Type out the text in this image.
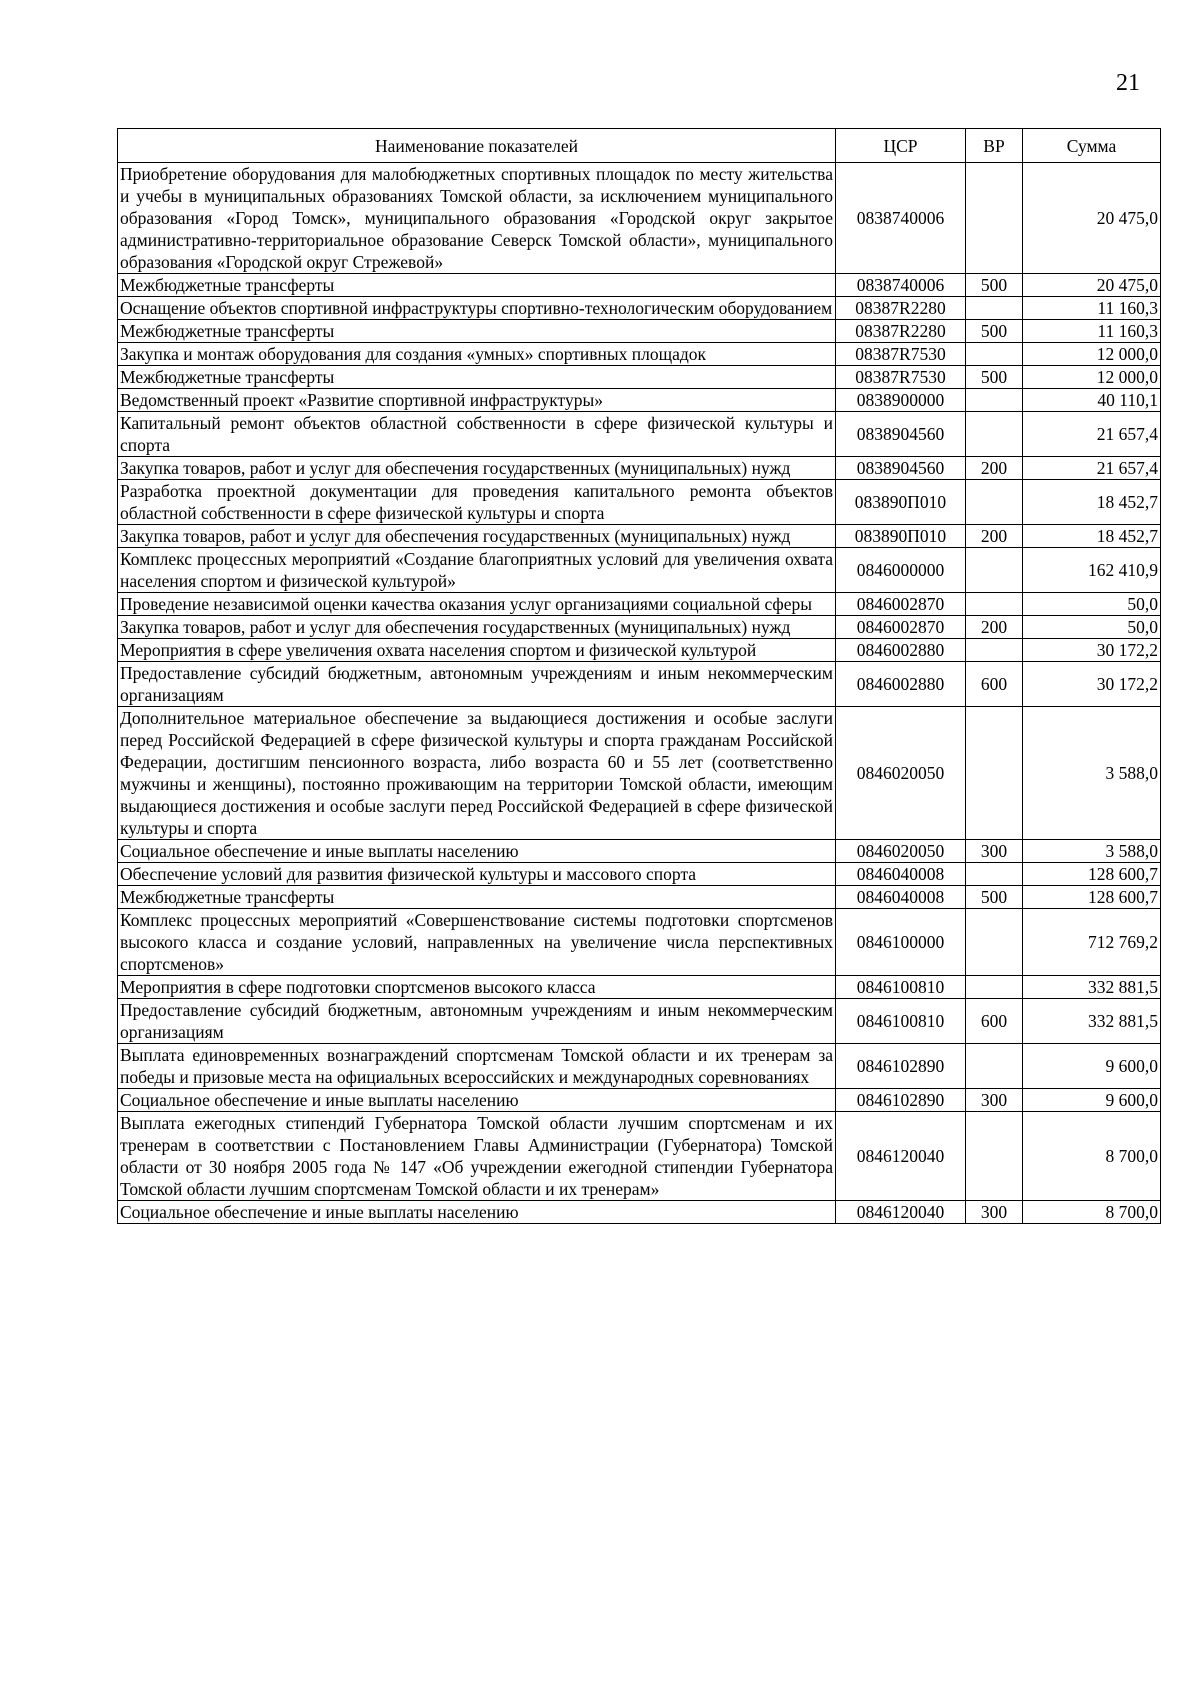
21
Наименование показателей	ЦСР	ВР	Сумма
Приобретение оборудования для малобюджетных спортивных площадок по месту жительства и учебы в муниципальных образованиях Томской области, за исключением муниципального образования «Город Томск», муниципального образования «Городской округ закрытое административно-территориальное образование Северск Томской области», муниципального образования «Городской округ Стрежевой»	0838740006		20 475,0
Межбюджетные трансферты	0838740006	500	20 475,0
Оснащение объектов спортивной инфраструктуры спортивно-технологическим оборудованием	08387R2280		11 160,3
Межбюджетные трансферты	08387R2280	500	11 160,3
Закупка и монтаж оборудования для создания «умных» спортивных площадок	08387R7530		12 000,0
Межбюджетные трансферты	08387R7530	500	12 000,0
Ведомственный проект «Развитие спортивной инфраструктуры»	0838900000		40 110,1
Капитальный ремонт объектов областной собственности в сфере физической культуры и спорта	0838904560		21 657,4
Закупка товаров, работ и услуг для обеспечения государственных (муниципальных) нужд	0838904560	200	21 657,4
Разработка проектной документации для проведения капитального ремонта объектов областной собственности в сфере физической культуры и спорта	083890П010		18 452,7
Закупка товаров, работ и услуг для обеспечения государственных (муниципальных) нужд	083890П010	200	18 452,7
Комплекс процессных мероприятий «Создание благоприятных условий для увеличения охвата населения спортом и физической культурой»	0846000000		162 410,9
Проведение независимой оценки качества оказания услуг организациями социальной сферы	0846002870		50,0
Закупка товаров, работ и услуг для обеспечения государственных (муниципальных) нужд	0846002870	200	50,0
Мероприятия в сфере увеличения охвата населения спортом и физической культурой	0846002880		30 172,2
Предоставление субсидий бюджетным, автономным учреждениям и иным некоммерческим организациям	0846002880	600	30 172,2
Дополнительное материальное обеспечение за выдающиеся достижения и особые заслуги перед Российской Федерацией в сфере физической культуры и спорта гражданам Российской Федерации, достигшим пенсионного возраста, либо возраста 60 и 55 лет (соответственно мужчины и женщины), постоянно проживающим на территории Томской области, имеющим выдающиеся достижения и особые заслуги перед Российской Федерацией в сфере физической культуры и спорта	0846020050		3 588,0
Социальное обеспечение и иные выплаты населению	0846020050	300	3 588,0
Обеспечение условий для развития физической культуры и массового спорта	0846040008		128 600,7
Межбюджетные трансферты	0846040008	500	128 600,7
Комплекс процессных мероприятий «Совершенствование системы подготовки спортсменов высокого класса и создание условий, направленных на увеличение числа перспективных спортсменов»	0846100000		712 769,2
Мероприятия в сфере подготовки спортсменов высокого класса	0846100810		332 881,5
Предоставление субсидий бюджетным, автономным учреждениям и иным некоммерческим организациям	0846100810	600	332 881,5
Выплата единовременных вознаграждений спортсменам Томской области и их тренерам за победы и призовые места на официальных всероссийских и международных соревнованиях	0846102890		9 600,0
Социальное обеспечение и иные выплаты населению	0846102890	300	9 600,0
Выплата ежегодных стипендий Губернатора Томской области лучшим спортсменам и их тренерам в соответствии с Постановлением Главы Администрации (Губернатора) Томской области от 30 ноября 2005 года № 147 «Об учреждении ежегодной стипендии Губернатора Томской области лучшим спортсменам Томской области и их тренерам»	0846120040		8 700,0
Социальное обеспечение и иные выплаты населению	0846120040	300	8 700,0
